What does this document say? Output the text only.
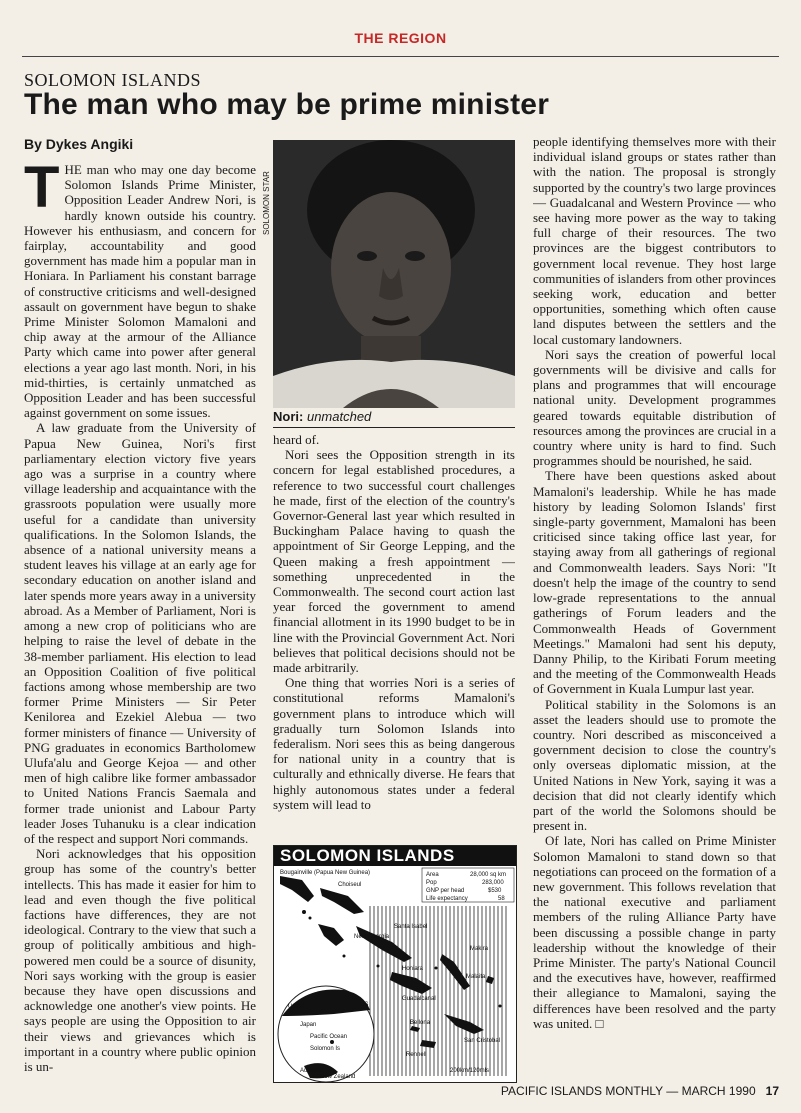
THE REGION
SOLOMON ISLANDS
The man who may be prime minister
By Dykes Angiki

THE man who may one day become Solomon Islands Prime Minister, Opposition Leader Andrew Nori, is hardly known outside his country. However his enthusiasm, and concern for fairplay, accountability and good government has made him a popular man in Honiara. In Parliament his constant barrage of constructive criticisms and well-designed assault on government have begun to shake Prime Minister Solomon Mamaloni and chip away at the armour of the Alliance Party which came into power after general elections a year ago last month. Nori, in his mid-thirties, is certainly unmatched as Opposition Leader and has been successful against government on some issues.

A law graduate from the University of Papua New Guinea, Nori's first parliamentary election victory five years ago was a surprise in a country where village leadership and acquaintance with the grassroots population were usually more useful for a candidate than university qualifications. In the Solomon Islands, the absence of a national university means a student leaves his village at an early age for secondary education on another island and later spends more years away in a university abroad. As a Member of Parliament, Nori is among a new crop of politicians who are helping to raise the level of debate in the 38-member parliament. His election to lead an Opposition Coalition of five political factions among whose membership are two former Prime Ministers — Sir Peter Kenilorea and Ezekiel Alebua — two former ministers of finance — University of PNG graduates in economics Bartholomew Ulufa'alu and George Kejoa — and other men of high calibre like former ambassador to United Nations Francis Saemala and former trade unionist and Labour Party leader Joses Tuhanuku is a clear indication of the respect and support Nori commands.

Nori acknowledges that his opposition group has some of the country's better intellects. This has made it easier for him to lead and even though the five political factions have differences, they are not ideological. Contrary to the view that such a group of politically ambitious and high-powered men could be a source of disunity, Nori says working with the group is easier because they have open discussions and acknowledge one another's view points. He says people are using the Opposition to air their views and grievances which is important in a country where public opinion is un-

SOLOMON STAR
Nori: unmatched

heard of.

Nori sees the Opposition strength in its concern for legal established procedures, a reference to two successful court challenges he made, first of the election of the country's Governor-General last year which resulted in Buckingham Palace having to quash the appointment of Sir George Lepping, and the Queen making a fresh appointment — something unprecedented in the Commonwealth. The second court action last year forced the government to amend financial allotment in its 1990 budget to be in line with the Provincial Government Act. Nori believes that political decisions should not be made arbitrarily.

One thing that worries Nori is a series of constitutional reforms Mamaloni's government plans to introduce which will gradually turn Solomon Islands into federalism. Nori sees this as being dangerous for national unity in a country that is culturally and ethnically diverse. He fears that highly autonomous states under a federal system will lead to

SOLOMON ISLANDS
Bougainville (Papua New Guinea)
Choiseul
Santa Isabel
New Georgia
Honiara
Guadalcanal
Makira
Malaita
San Cristobal
Bellona
Rennell
USSR	US
Japan
Pacific Ocean
Solomon Is
Australia
New Zealand
200km/120mls
Area	28,000 sq km
Pop	283,000
GNP per head	$530
Life expectancy	58

people identifying themselves more with their individual island groups or states rather than with the nation. The proposal is strongly supported by the country's two large provinces — Guadalcanal and Western Province — who see having more power as the way to taking full charge of their resources. The two provinces are the biggest contributors to government local revenue. They host large communities of islanders from other provinces seeking work, education and better opportunities, something which often cause land disputes between the settlers and the local customary landowners.

Nori says the creation of powerful local governments will be divisive and calls for plans and programmes that will encourage national unity. Development programmes geared towards equitable distribution of resources among the provinces are crucial in a country where unity is hard to find. Such programmes should be nourished, he said.

There have been questions asked about Mamaloni's leadership. While he has made history by leading Solomon Islands' first single-party government, Mamaloni has been criticised since taking office last year, for staying away from all gatherings of regional and Commonwealth leaders. Says Nori: "It doesn't help the image of the country to send low-grade representations to the annual gatherings of Forum leaders and the Commonwealth Heads of Government Meetings." Mamaloni had sent his deputy, Danny Philip, to the Kiribati Forum meeting and the meeting of the Commonwealth Heads of Government in Kuala Lumpur last year.

Political stability in the Solomons is an asset the leaders should use to promote the country. Nori described as misconceived a government decision to close the country's only overseas diplomatic mission, at the United Nations in New York, saying it was a decision that did not clearly identify which part of the world the Solomons should be present in.

Of late, Nori has called on Prime Minister Solomon Mamaloni to stand down so that negotiations can proceed on the formation of a new government. This follows revelation that the national executive and parliament members of the ruling Alliance Party have been discussing a possible change in party leadership without the knowledge of their Prime Minister. The party's National Council and the executives have, however, reaffirmed their allegiance to Mamaloni, saying the differences have been resolved and the party was united. □

PACIFIC ISLANDS MONTHLY — MARCH 1990 17
